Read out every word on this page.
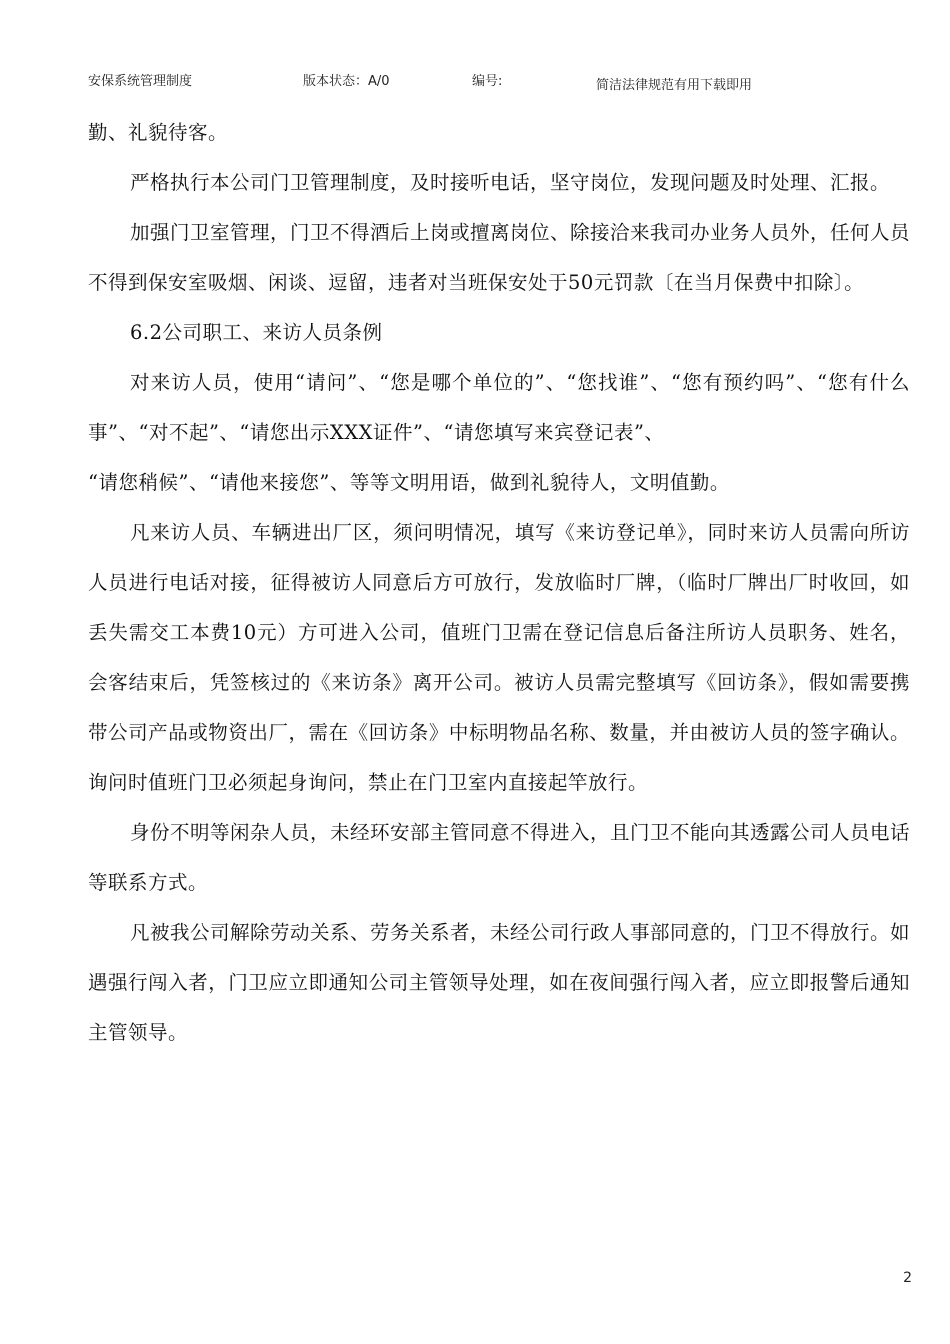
安保系统管理制度	版本状态：A/0	编号:	简洁法律规范有用下载即用

勤、礼貌待客。

严格执行本公司门卫管理制度，及时接听电话，坚守岗位，发现问题及时处理、汇报。

加强门卫室管理，门卫不得酒后上岗或擅离岗位、除接洽来我司办业务人员外，任何人员不得到保安室吸烟、闲谈、逗留，违者对当班保安处于50元罚款〔在当月保费中扣除〕。

6.2公司职工、来访人员条例

对来访人员，使用“请问”、“您是哪个单位的”、“您找谁”、“您有预约吗”、“您有什么事”、“对不起”、“请您出示XXX证件”、“请您填写来宾登记表”、

“请您稍候”、“请他来接您”、等等文明用语，做到礼貌待人，文明值勤。

凡来访人员、车辆进出厂区，须问明情况，填写《来访登记单》，同时来访人员需向所访人员进行电话对接，征得被访人同意后方可放行，发放临时厂牌，（临时厂牌出厂时收回，如丢失需交工本费10元）方可进入公司，值班门卫需在登记信息后备注所访人员职务、姓名，会客结束后，凭签核过的《来访条》离开公司。被访人员需完整填写《回访条》，假如需要携带公司产品或物资出厂，需在《回访条》中标明物品名称、数量，并由被访人员的签字确认。询问时值班门卫必须起身询问，禁止在门卫室内直接起竿放行。

身份不明等闲杂人员，未经环安部主管同意不得进入，且门卫不能向其透露公司人员电话等联系方式。

凡被我公司解除劳动关系、劳务关系者，未经公司行政人事部同意的，门卫不得放行。如遇强行闯入者，门卫应立即通知公司主管领导处理，如在夜间强行闯入者，应立即报警后通知主管领导。

2
